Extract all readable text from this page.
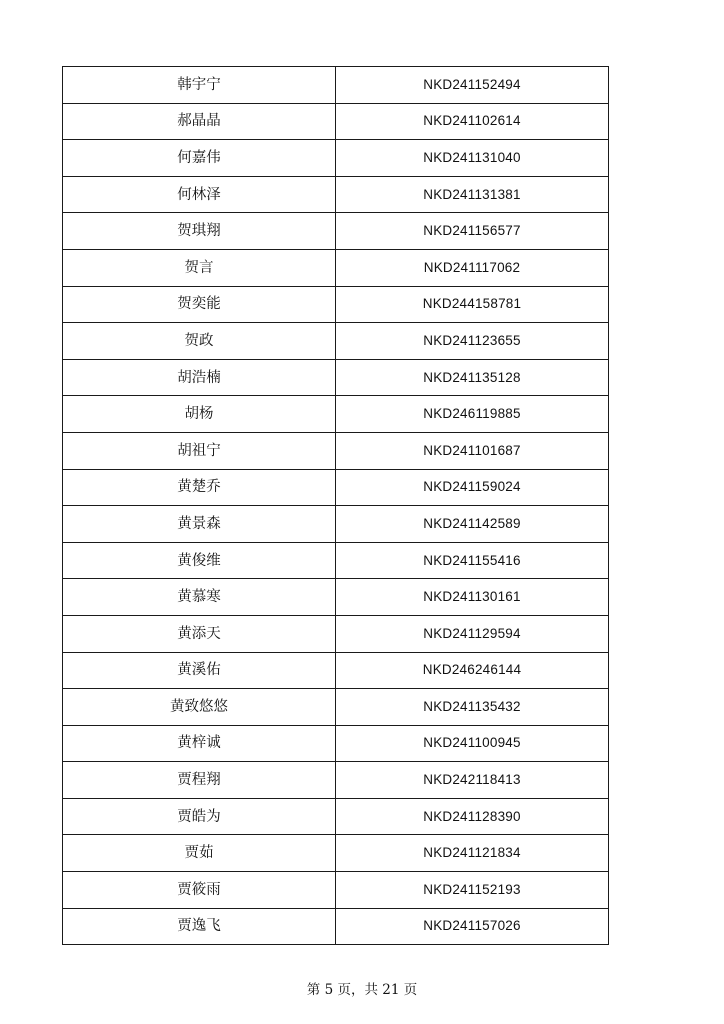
韩宇宁	NKD241152494
郝晶晶	NKD241102614
何嘉伟	NKD241131040
何林泽	NKD241131381
贺琪翔	NKD241156577
贺言	NKD241117062
贺奕能	NKD244158781
贺政	NKD241123655
胡浩楠	NKD241135128
胡杨	NKD246119885
胡祖宁	NKD241101687
黄楚乔	NKD241159024
黄景森	NKD241142589
黄俊维	NKD241155416
黄慕寒	NKD241130161
黄添天	NKD241129594
黄溪佑	NKD246246144
黄致悠悠	NKD241135432
黄梓诚	NKD241100945
贾程翔	NKD242118413
贾皓为	NKD241128390
贾茹	NKD241121834
贾筱雨	NKD241152193
贾逸飞	NKD241157026
第 5 页，共 21 页
